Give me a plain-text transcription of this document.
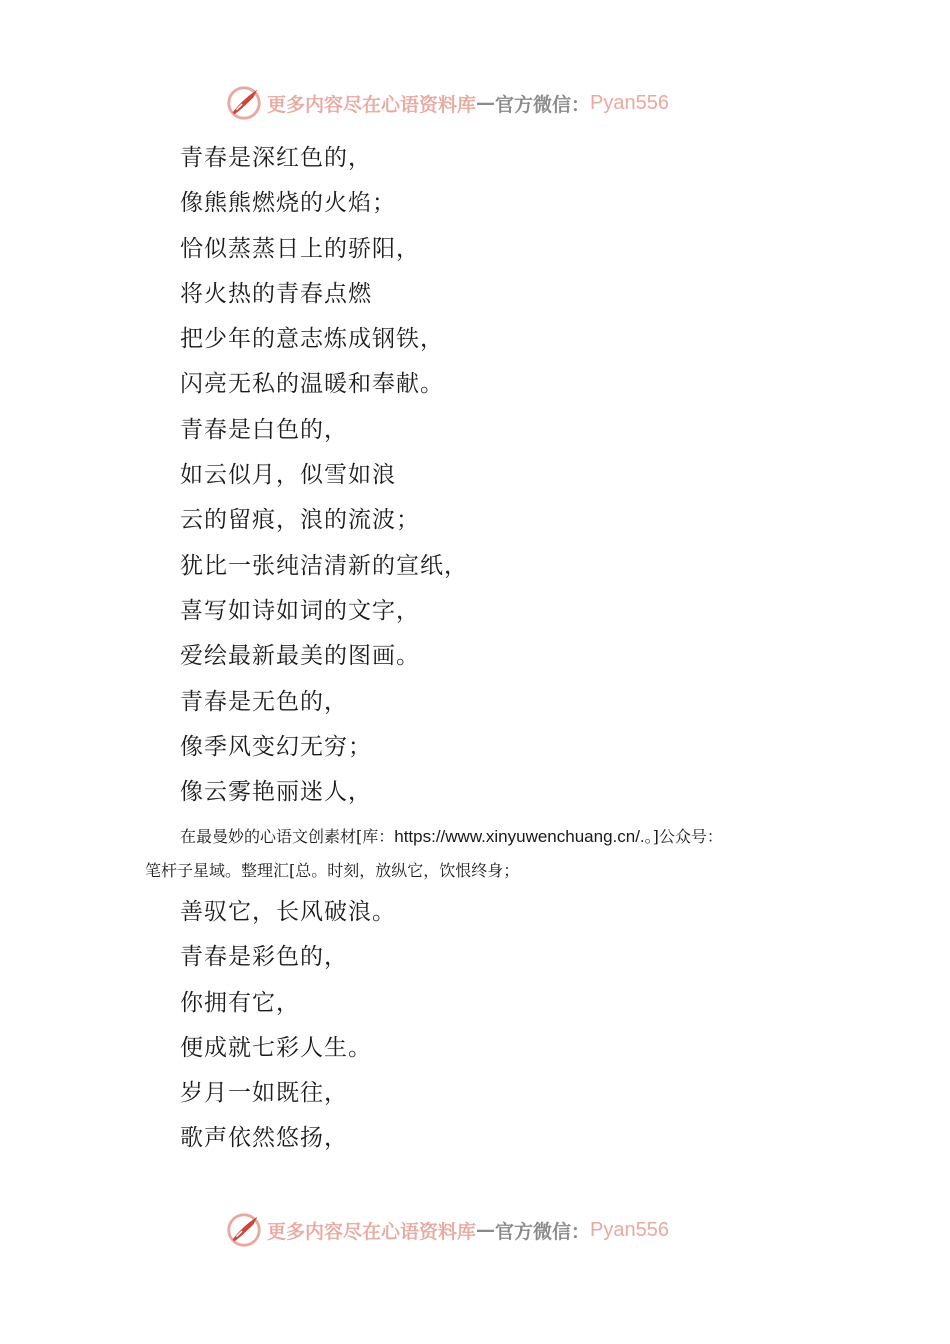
更多内容尽在心语资料库 — 官方微信： Pyan556
青春是深红色的，
像熊熊燃烧的火焰；
恰似蒸蒸日上的骄阳，
将火热的青春点燃
把少年的意志炼成钢铁，
闪亮无私的温暖和奉献。
青春是白色的，
如云似月，似雪如浪
云的留痕，浪的流波；
犹比一张纯洁清新的宣纸，
喜写如诗如词的文字，
爱绘最新最美的图画。
青春是无色的，
像季风变幻无穷；
像云雾艳丽迷人，
在最曼妙的心语文创素材[库：https://www.xinyuwenchuang.cn/.。]公众号：
笔杆子星域。整理汇[总。时刻，放纵它，饮恨终身；
善驭它，长风破浪。
青春是彩色的，
你拥有它，
便成就七彩人生。
岁月一如既往，
歌声依然悠扬，
更多内容尽在心语资料库 — 官方微信： Pyan556
